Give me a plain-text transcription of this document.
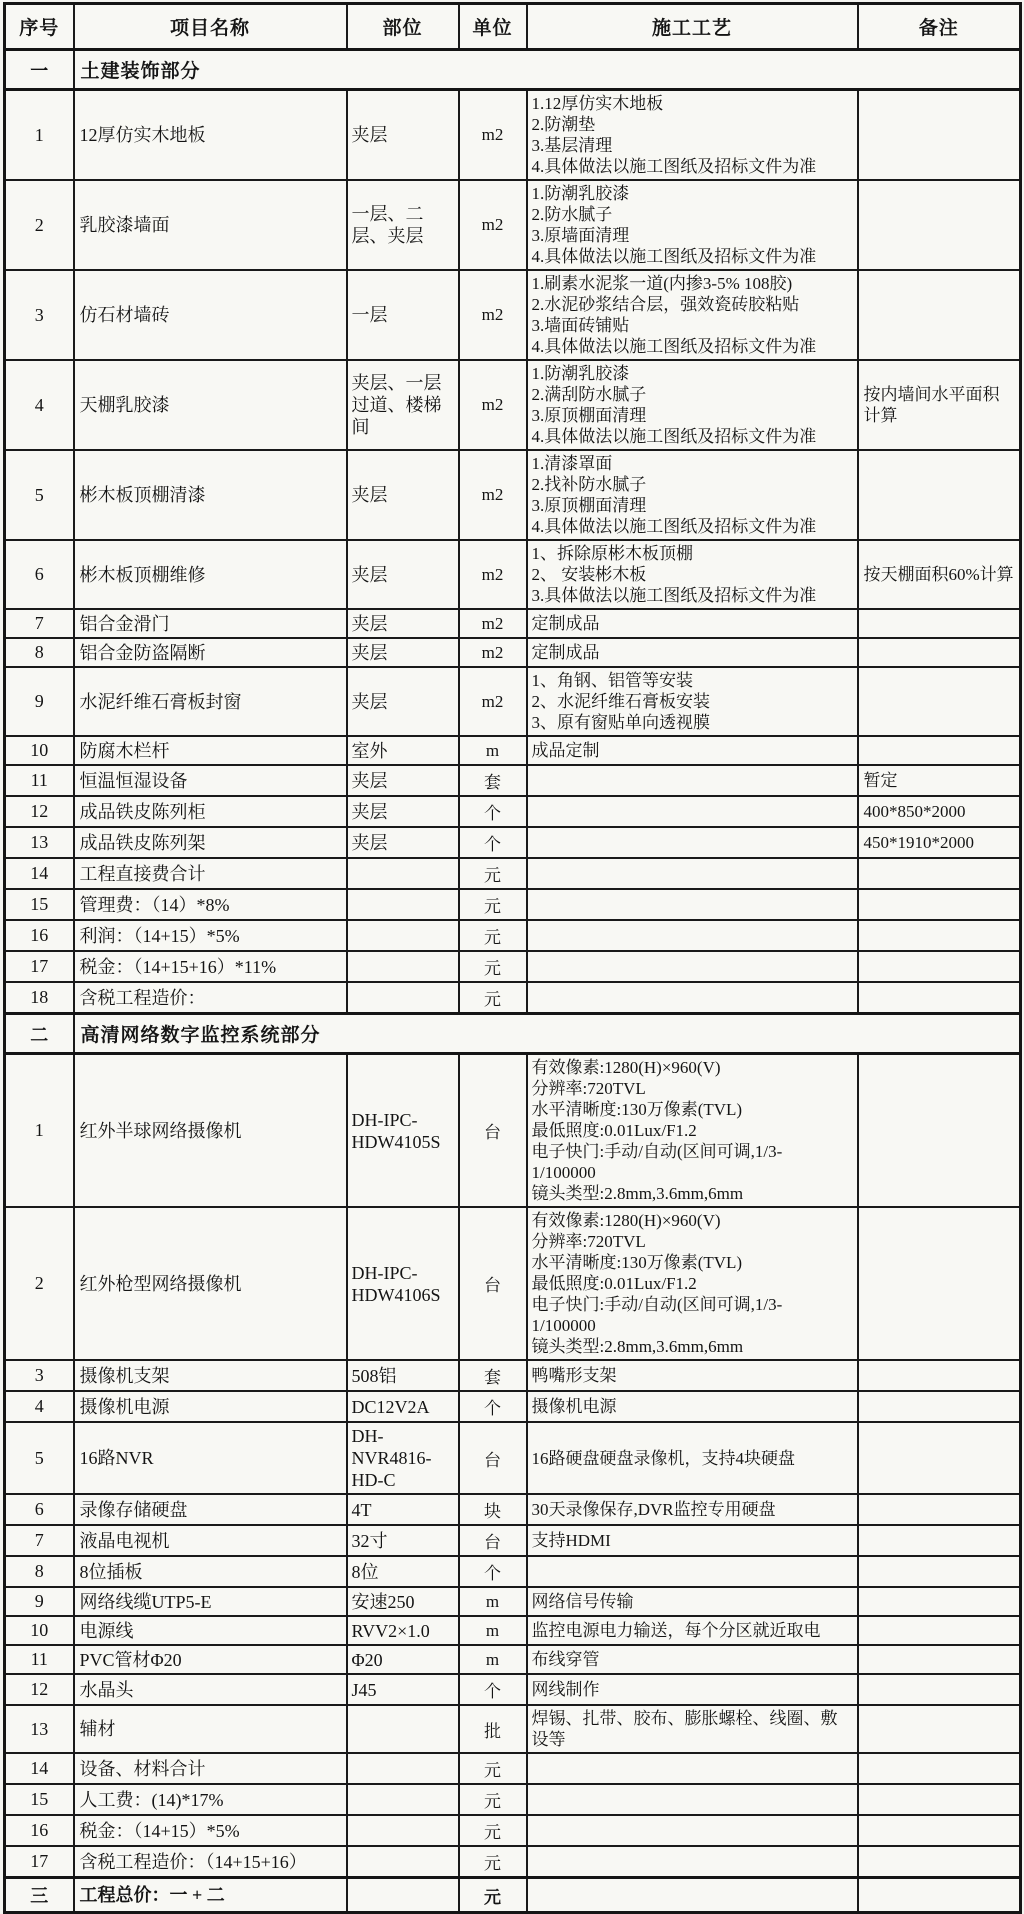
序号	项目名称	部位	单位	施工工艺	备注
一	土建装饰部分				
1	12厚仿实木地板	夹层	m2	1.12厚仿实木地板
2.防潮垫
3.基层清理
4.具体做法以施工图纸及招标文件为准	

2	乳胶漆墙面	一层、二层、夹层	m2	1.防潮乳胶漆
2.防水腻子
3.原墙面清理
4.具体做法以施工图纸及招标文件为准	

3	仿石材墙砖	一层	m2	1.刷素水泥浆一道(内掺3-5% 108胶)
2.水泥砂浆结合层，强效瓷砖胶粘贴
3.墙面砖铺贴
4.具体做法以施工图纸及招标文件为准	

4	天棚乳胶漆	夹层、一层过道、楼梯间	m2	1.防潮乳胶漆
2.满刮防水腻子
3.原顶棚面清理
4.具体做法以施工图纸及招标文件为准	按内墙间水平面积计算
5	彬木板顶棚清漆	夹层	m2	1.清漆罩面
2.找补防水腻子
3.原顶棚面清理
4.具体做法以施工图纸及招标文件为准	

6	彬木板顶棚维修	夹层	m2	1、拆除原彬木板顶棚
2、 安装彬木板
3.具体做法以施工图纸及招标文件为准	按天棚面积60%计算
7	铝合金滑门	夹层	m2	定制成品	

8	铝合金防盗隔断	夹层	m2	定制成品	

9	水泥纤维石膏板封窗	夹层	m2	1、角钢、铝管等安装
2、水泥纤维石膏板安装
3、原有窗贴单向透视膜	

10	防腐木栏杆	室外	m	成品定制	

11	恒温恒湿设备	夹层	套		暂定
12	成品铁皮陈列柜	夹层	个		400*850*2000
13	成品铁皮陈列架	夹层	个		450*1910*2000
14	工程直接费合计		元		
15	管理费：（14）*8%		元		
16	利润：（14+15）*5%		元		
17	税金：（14+15+16）*11%		元		
18	含税工程造价：		元		
二	高清网络数字监控系统部分				
1	红外半球网络摄像机	DH-IPC-HDW4105S	台	
有效像素:1280(H)×960(V)
分辨率:720TVL
水平清晰度:130万像素(TVL)
最低照度:0.01Lux/F1.2
电子快门:手动/自动(区间可调,1/3-
1/100000
镜头类型:2.8mm,3.6mm,6mm

2	红外枪型网络摄像机	DH-IPC-HDW4106S	台	
有效像素:1280(H)×960(V)
分辨率:720TVL
水平清晰度:130万像素(TVL)
最低照度:0.01Lux/F1.2
电子快门:手动/自动(区间可调,1/3-
1/100000
镜头类型:2.8mm,3.6mm,6mm

3	摄像机支架	508铝	套	鸭嘴形支架	

4	摄像机电源	DC12V2A	个	摄像机电源	

5	16路NVR	DH-NVR4816-HD-C	台	16路硬盘硬盘录像机，支持4块硬盘	

6	录像存储硬盘	4T	块	30天录像保存,DVR监控专用硬盘	

7	液晶电视机	32寸	台	支持HDMI	

8	8位插板	8位	个		
9	网络线缆UTP5-E	安速250	m	网络信号传输	

10	电源线	RVV2×1.0	m	监控电源电力输送，每个分区就近取电	

11	PVC管材Φ20	Φ20	m	布线穿管	

12	水晶头	J45	个	网线制作	

13	辅材		批	焊锡、扎带、胶布、膨胀螺栓、线圈、敷设等	

14	设备、材料合计		元		
15	人工费：(14)*17%		元		
16	税金：（14+15）*5%		元		
17	含税工程造价：（14+15+16）		元		
三	工程总价：一 + 二		元		
